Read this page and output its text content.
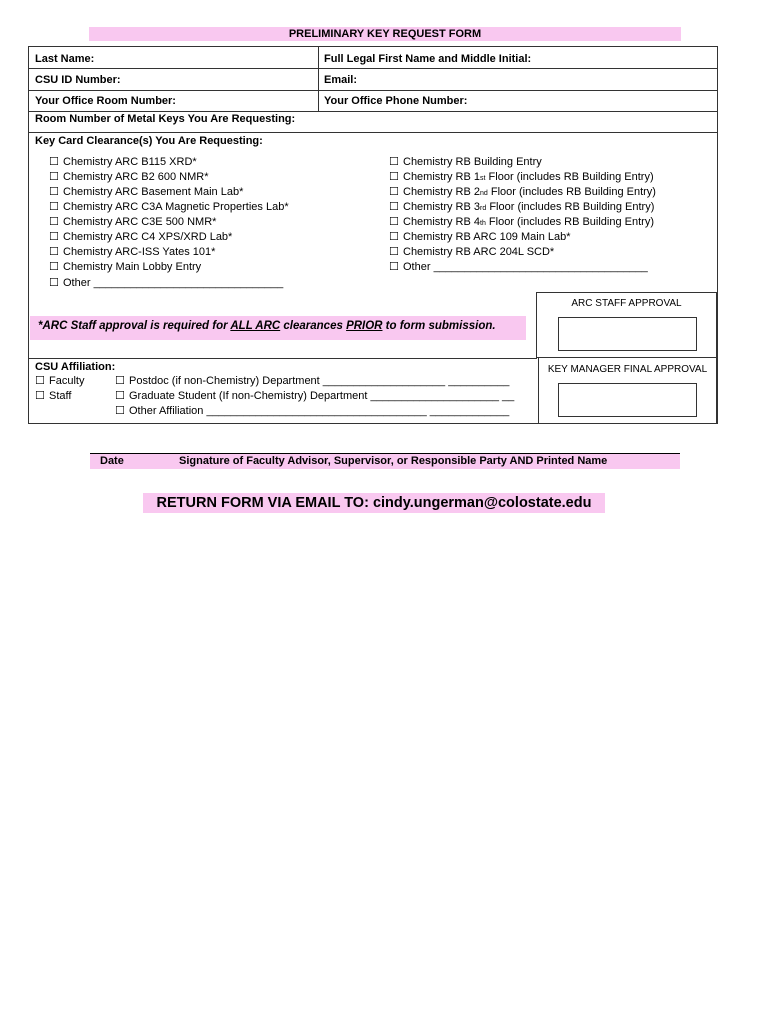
PRELIMINARY KEY REQUEST FORM
Last Name:	Full Legal First Name and Middle Initial:
CSU ID Number:	Email:
Your Office Room Number:	Your Office Phone Number:
Room Number of Metal Keys You Are Requesting:
Key Card Clearance(s) You Are Requesting:
☐ Chemistry ARC B115 XRD*
☐ Chemistry ARC B2 600 NMR*
☐ Chemistry ARC Basement Main Lab*
☐ Chemistry ARC C3A Magnetic Properties Lab*
☐ Chemistry ARC C3E 500 NMR*
☐ Chemistry ARC C4 XPS/XRD Lab*
☐ Chemistry ARC-ISS Yates 101*
☐ Chemistry Main Lobby Entry
☐ Other _______________________________
☐ Chemistry RB Building Entry
☐ Chemistry RB 1st Floor (includes RB Building Entry)
☐ Chemistry RB 2nd Floor (includes RB Building Entry)
☐ Chemistry RB 3rd Floor (includes RB Building Entry)
☐ Chemistry RB 4th Floor (includes RB Building Entry)
☐ Chemistry RB ARC 109 Main Lab*
☐ Chemistry RB ARC 204L SCD*
☐ Other ___________________________________
CSU Affiliation:
☐ Faculty
☐ Staff
☐ Postdoc (if non-Chemistry) Department ____________________ __________
☐ Graduate Student (If non-Chemistry) Department _____________________ __
☐ Other Affiliation ____________________________________ _____________
*ARC Staff approval is required for ALL ARC clearances PRIOR to form submission.
ARC STAFF APPROVAL
KEY MANAGER FINAL APPROVAL
Date	Signature of Faculty Advisor, Supervisor, or Responsible Party AND Printed Name
RETURN FORM VIA EMAIL TO: cindy.ungerman@colostate.edu
